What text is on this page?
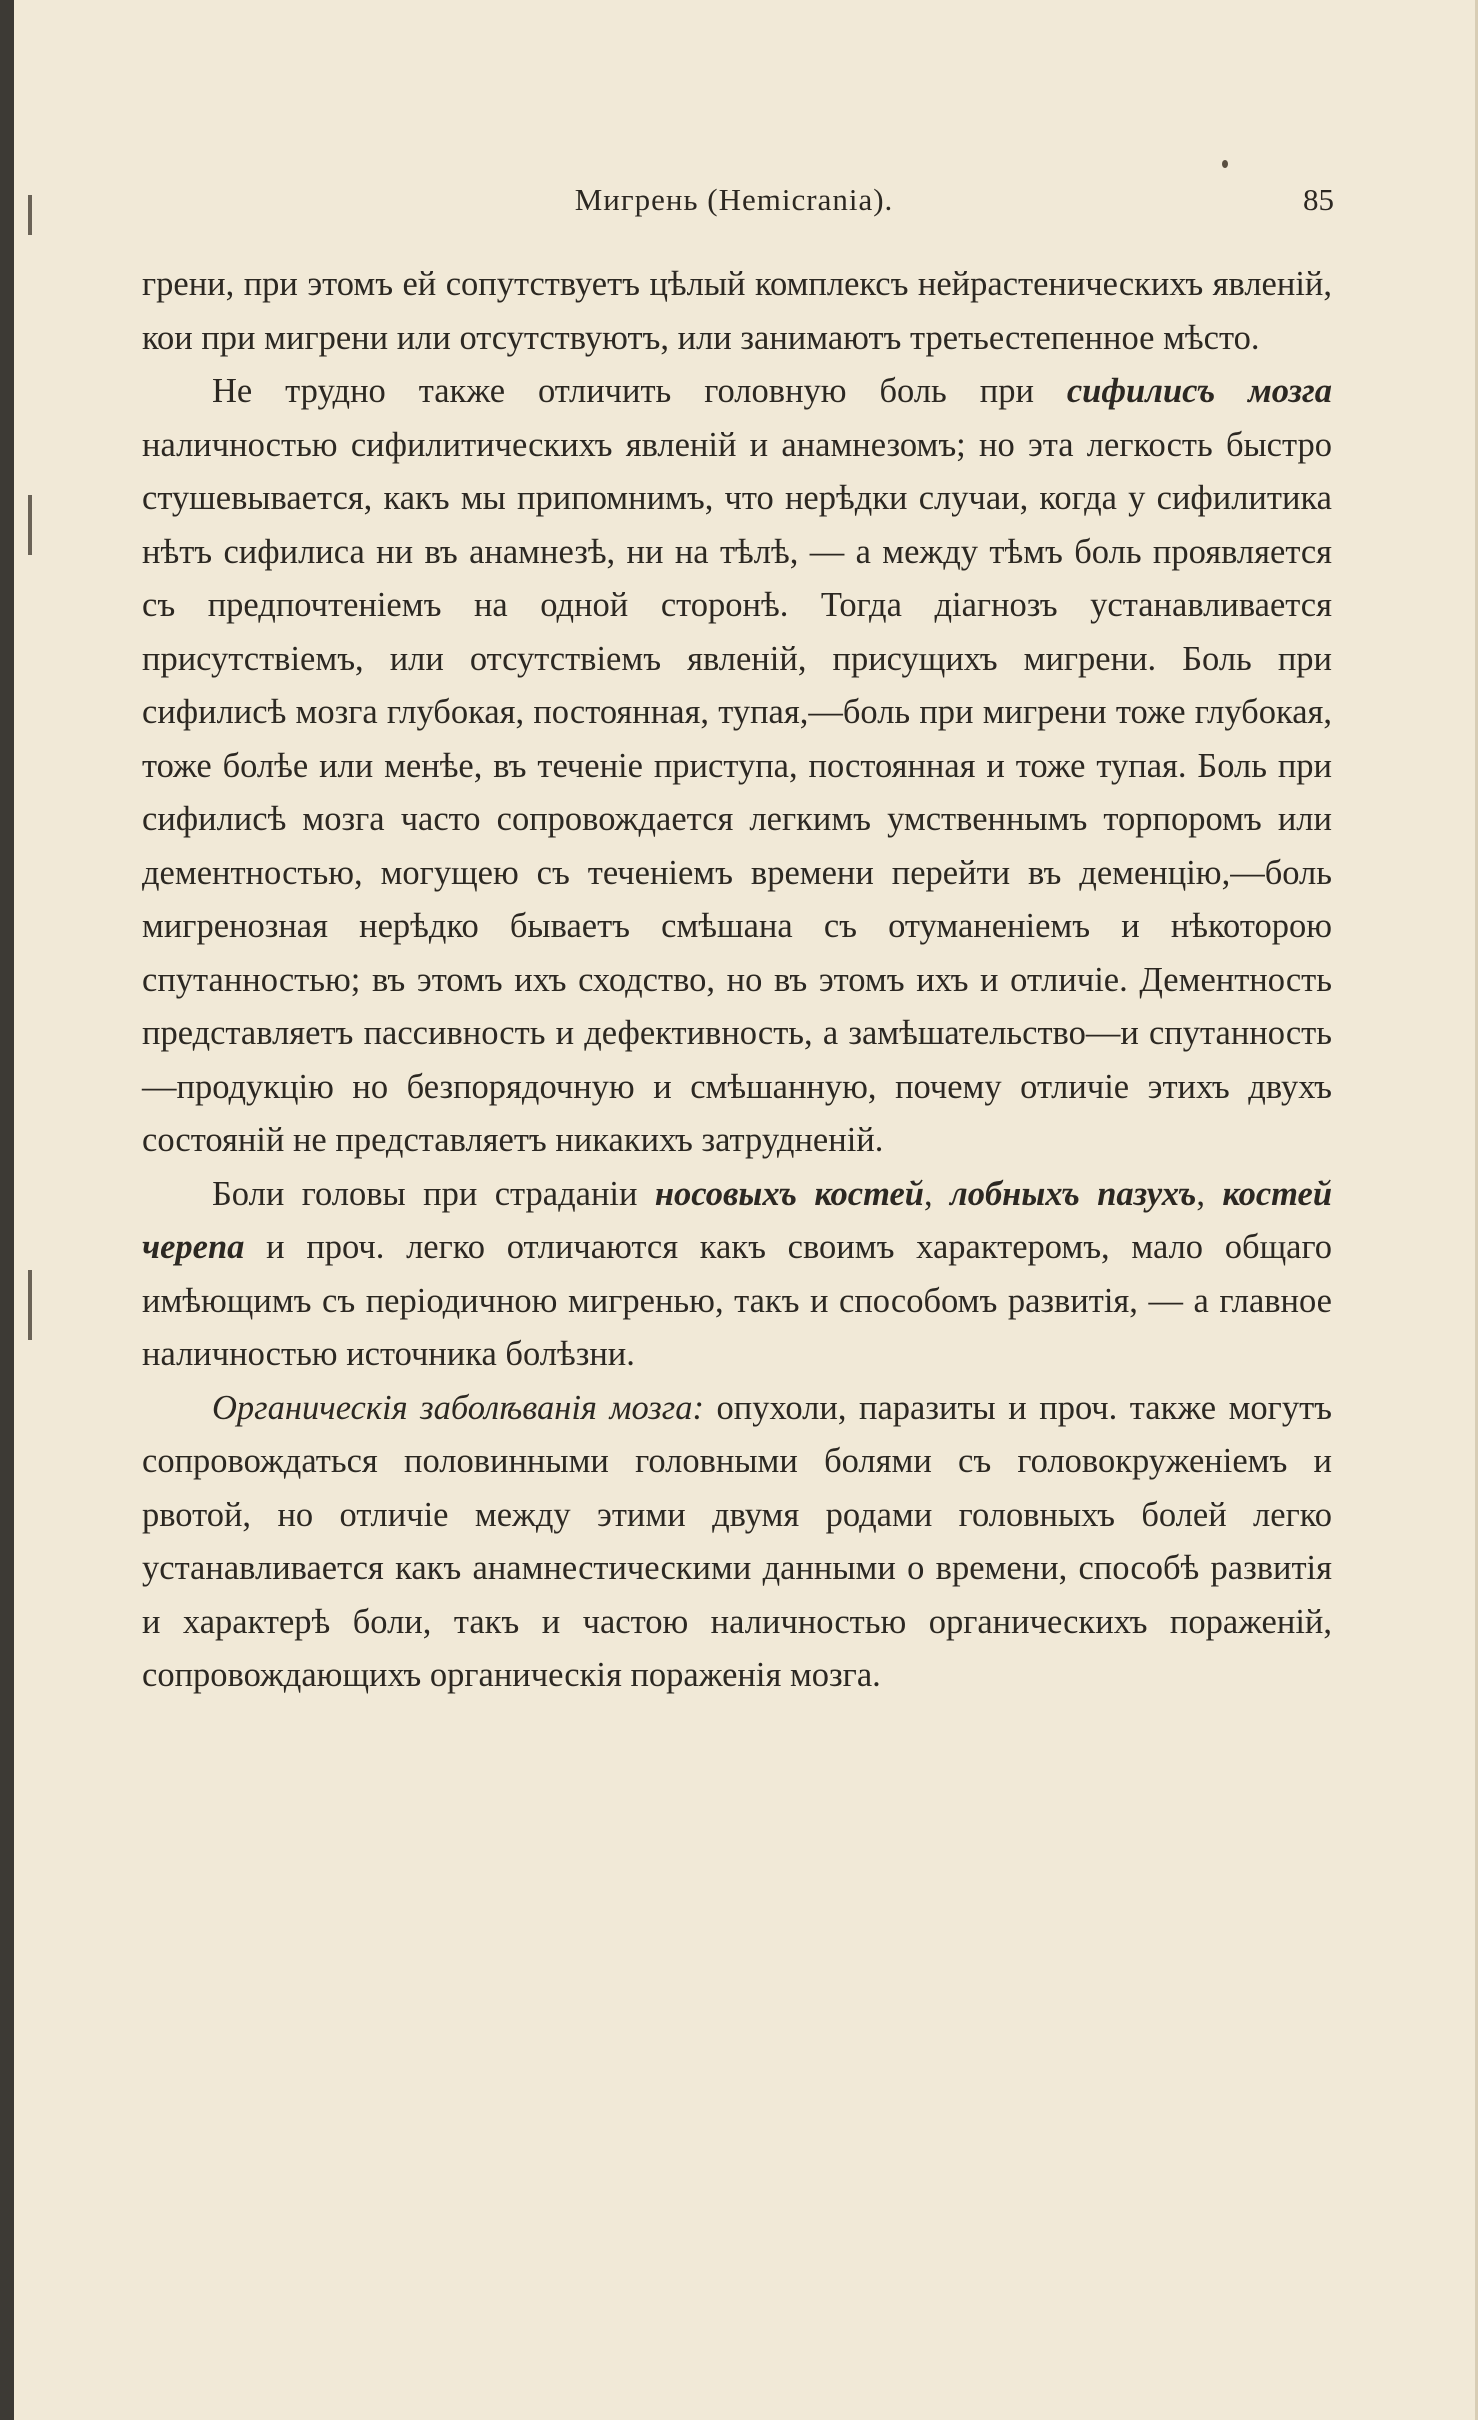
Мигрень (Hemicrania).	85

грени, при этомъ ей сопутствуетъ цѣлый комплексъ нейрастеническихъ явленій, кои при мигрени или отсутствуютъ, или занимаютъ третьестепенное мѣсто.

Не трудно также отличить головную боль при сифилисъ мозга наличностью сифилитическихъ явленій и анамнезомъ; но эта легкость быстро стушевывается, какъ мы припомнимъ, что нерѣдки случаи, когда у сифилитика нѣтъ сифилиса ни въ анамнезѣ, ни на тѣлѣ, — а между тѣмъ боль проявляется съ предпочтеніемъ на одной сторонѣ. Тогда діагнозъ устанавливается присутствіемъ, или отсутствіемъ явленій, присущихъ мигрени. Боль при сифилисѣ мозга глубокая, постоянная, тупая,—боль при мигрени тоже глубокая, тоже болѣе или менѣе, въ теченіе приступа, постоянная и тоже тупая. Боль при сифилисѣ мозга часто сопровождается легкимъ умственнымъ торпоромъ или дементностью, могущею съ теченіемъ времени перейти въ деменцію,—боль мигренозная нерѣдко бываетъ смѣшана съ отуманеніемъ и нѣкоторою спутанностью; въ этомъ ихъ сходство, но въ этомъ ихъ и отличіе. Дементность представляетъ пассивность и дефективность, а замѣшательство—и спутанность—продукцію но безпорядочную и смѣшанную, почему отличіе этихъ двухъ состояній не представляетъ никакихъ затрудненій.

Боли головы при страданіи носовыхъ костей, лобныхъ пазухъ, костей черепа и проч. легко отличаются какъ своимъ характеромъ, мало общаго имѣющимъ съ періодичною мигренью, такъ и способомъ развитія, — а главное наличностью источника болѣзни.

Органическія заболѣванія мозга: опухоли, паразиты и проч. также могутъ сопровождаться половинными головными болями съ головокруженіемъ и рвотой, но отличіе между этими двумя родами головныхъ болей легко устанавливается какъ анамнестическими данными о времени, способѣ развитія и характерѣ боли, такъ и частою наличностью органическихъ пораженій, сопровождающихъ органическія пораженія мозга.
